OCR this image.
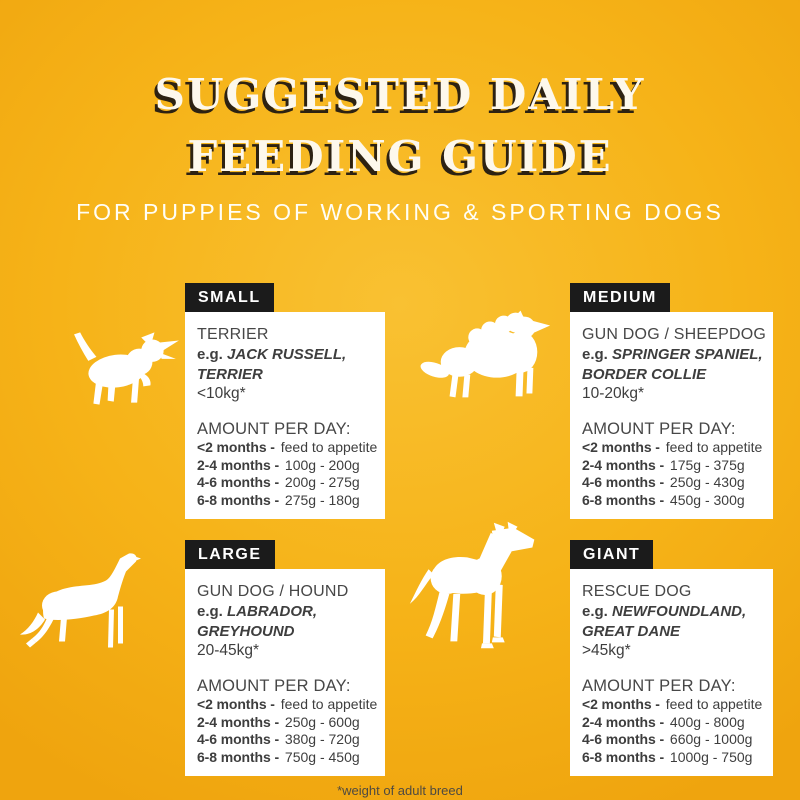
SUGGESTED DAILY
FEEDING GUIDE
FOR PUPPIES OF WORKING & SPORTING DOGS
SMALL
TERRIER
e.g. JACK RUSSELL,
TERRIER
<10kg*
AMOUNT PER DAY:
<2 months - feed to appetite
2-4 months - 100g - 200g
4-6 months - 200g - 275g
6-8 months - 275g - 180g
MEDIUM
GUN DOG / SHEEPDOG
e.g. SPRINGER SPANIEL,
BORDER COLLIE
10-20kg*
AMOUNT PER DAY:
<2 months - feed to appetite
2-4 months - 175g - 375g
4-6 months - 250g - 430g
6-8 months - 450g - 300g
LARGE
GUN DOG / HOUND
e.g. LABRADOR,
GREYHOUND
20-45kg*
AMOUNT PER DAY:
<2 months - feed to appetite
2-4 months - 250g - 600g
4-6 months - 380g - 720g
6-8 months - 750g - 450g
GIANT
RESCUE DOG
e.g. NEWFOUNDLAND,
GREAT DANE
>45kg*
AMOUNT PER DAY:
<2 months - feed to appetite
2-4 months - 400g - 800g
4-6 months - 660g - 1000g
6-8 months - 1000g - 750g
*weight of adult breed
